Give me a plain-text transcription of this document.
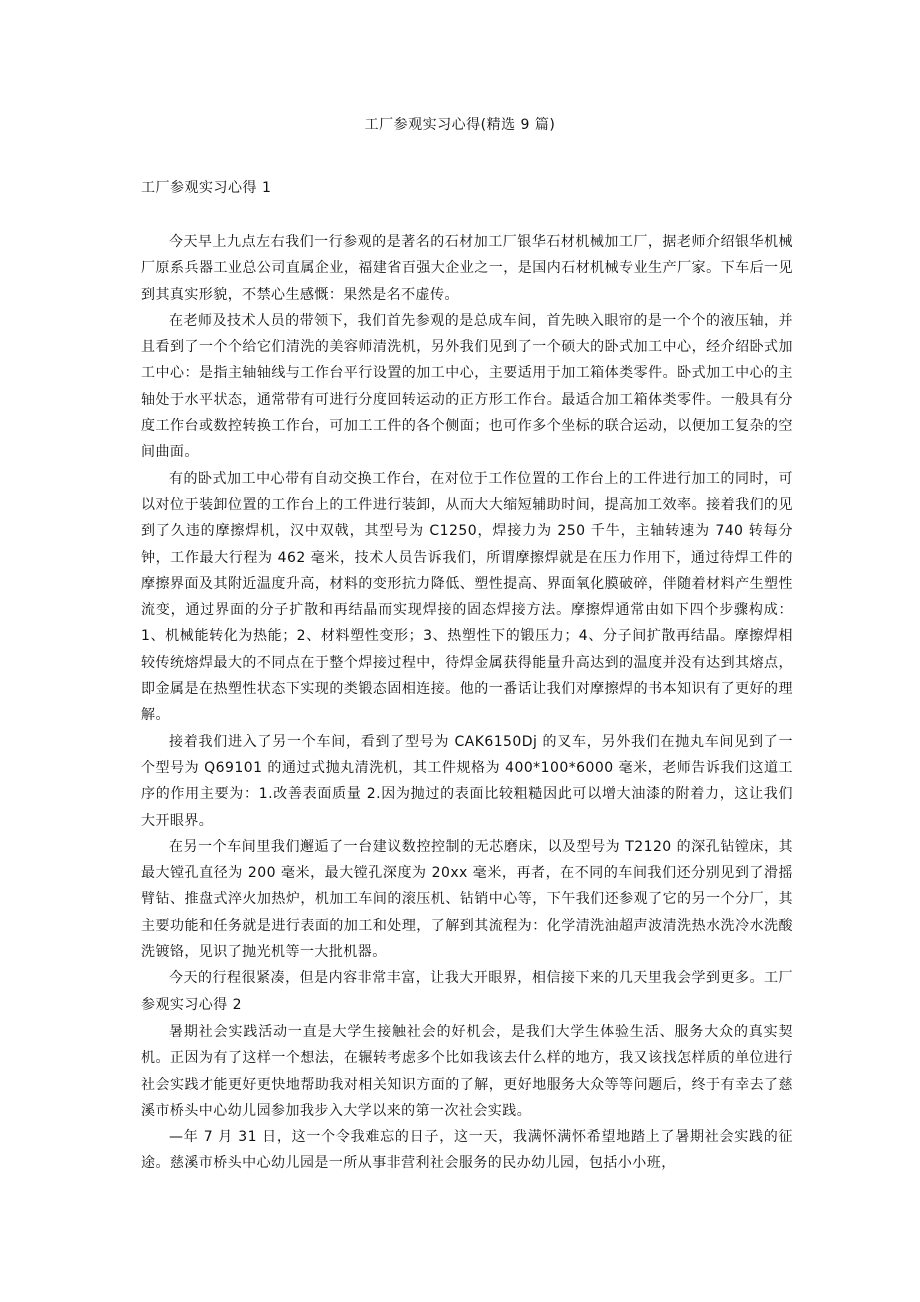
工厂参观实习心得(精选 9 篇)
工厂参观实习心得 1

今天早上九点左右我们一行参观的是著名的石材加工厂银华石材机械加工厂，据老师介绍银华机械厂原系兵器工业总公司直属企业，福建省百强大企业之一，是国内石材机械专业生产厂家。下车后一见到其真实形貌，不禁心生感慨：果然是名不虚传。

在老师及技术人员的带领下，我们首先参观的是总成车间，首先映入眼帘的是一个个的液压轴，并且看到了一个个给它们清洗的美容师清洗机，另外我们见到了一个硕大的卧式加工中心，经介绍卧式加工中心：是指主轴轴线与工作台平行设置的加工中心，主要适用于加工箱体类零件。卧式加工中心的主轴处于水平状态，通常带有可进行分度回转运动的正方形工作台。最适合加工箱体类零件。一般具有分度工作台或数控转换工作台，可加工工件的各个侧面；也可作多个坐标的联合运动，以便加工复杂的空间曲面。

有的卧式加工中心带有自动交换工作台，在对位于工作位置的工作台上的工件进行加工的同时，可以对位于装卸位置的工作台上的工件进行装卸，从而大大缩短辅助时间，提高加工效率。接着我们的见到了久违的摩擦焊机，汉中双戟，其型号为 C1250，焊接力为 250 千牛，主轴转速为 740 转每分钟，工作最大行程为 462 毫米，技术人员告诉我们，所谓摩擦焊就是在压力作用下，通过待焊工件的摩擦界面及其附近温度升高，材料的变形抗力降低、塑性提高、界面氧化膜破碎，伴随着材料产生塑性流变，通过界面的分子扩散和再结晶而实现焊接的固态焊接方法。摩擦焊通常由如下四个步骤构成：1、机械能转化为热能；2、材料塑性变形；3、热塑性下的锻压力；4、分子间扩散再结晶。摩擦焊相较传统熔焊最大的不同点在于整个焊接过程中，待焊金属获得能量升高达到的温度并没有达到其熔点，即金属是在热塑性状态下实现的类锻态固相连接。他的一番话让我们对摩擦焊的书本知识有了更好的理解。

接着我们进入了另一个车间，看到了型号为 CAK6150Dj 的叉车，另外我们在抛丸车间见到了一个型号为 Q69101 的通过式抛丸清洗机，其工件规格为 400*100*6000 毫米，老师告诉我们这道工序的作用主要为：1.改善表面质量 2.因为抛过的表面比较粗糙因此可以增大油漆的附着力，这让我们大开眼界。

在另一个车间里我们邂逅了一台建议数控控制的无芯磨床，以及型号为 T2120 的深孔钻镗床，其最大镗孔直径为 200 毫米，最大镗孔深度为 20xx 毫米，再者，在不同的车间我们还分别见到了滑摇臂钻、推盘式淬火加热炉，机加工车间的滚压机、钻销中心等，下午我们还参观了它的另一个分厂，其主要功能和任务就是进行表面的加工和处理，了解到其流程为：化学清洗油超声波清洗热水洗冷水洗酸洗镀铬，见识了抛光机等一大批机器。

今天的行程很紧凑，但是内容非常丰富，让我大开眼界，相信接下来的几天里我会学到更多。工厂参观实习心得 2

暑期社会实践活动一直是大学生接触社会的好机会，是我们大学生体验生活、服务大众的真实契机。正因为有了这样一个想法，在辗转考虑多个比如我该去什么样的地方，我又该找怎样质的单位进行社会实践才能更好更快地帮助我对相关知识方面的了解，更好地服务大众等等问题后，终于有幸去了慈溪市桥头中心幼儿园参加我步入大学以来的第一次社会实践。

—年 7 月 31 日，这一个令我难忘的日子，这一天，我满怀满怀希望地踏上了暑期社会实践的征途。慈溪市桥头中心幼儿园是一所从事非营利社会服务的民办幼儿园，包括小小班，
